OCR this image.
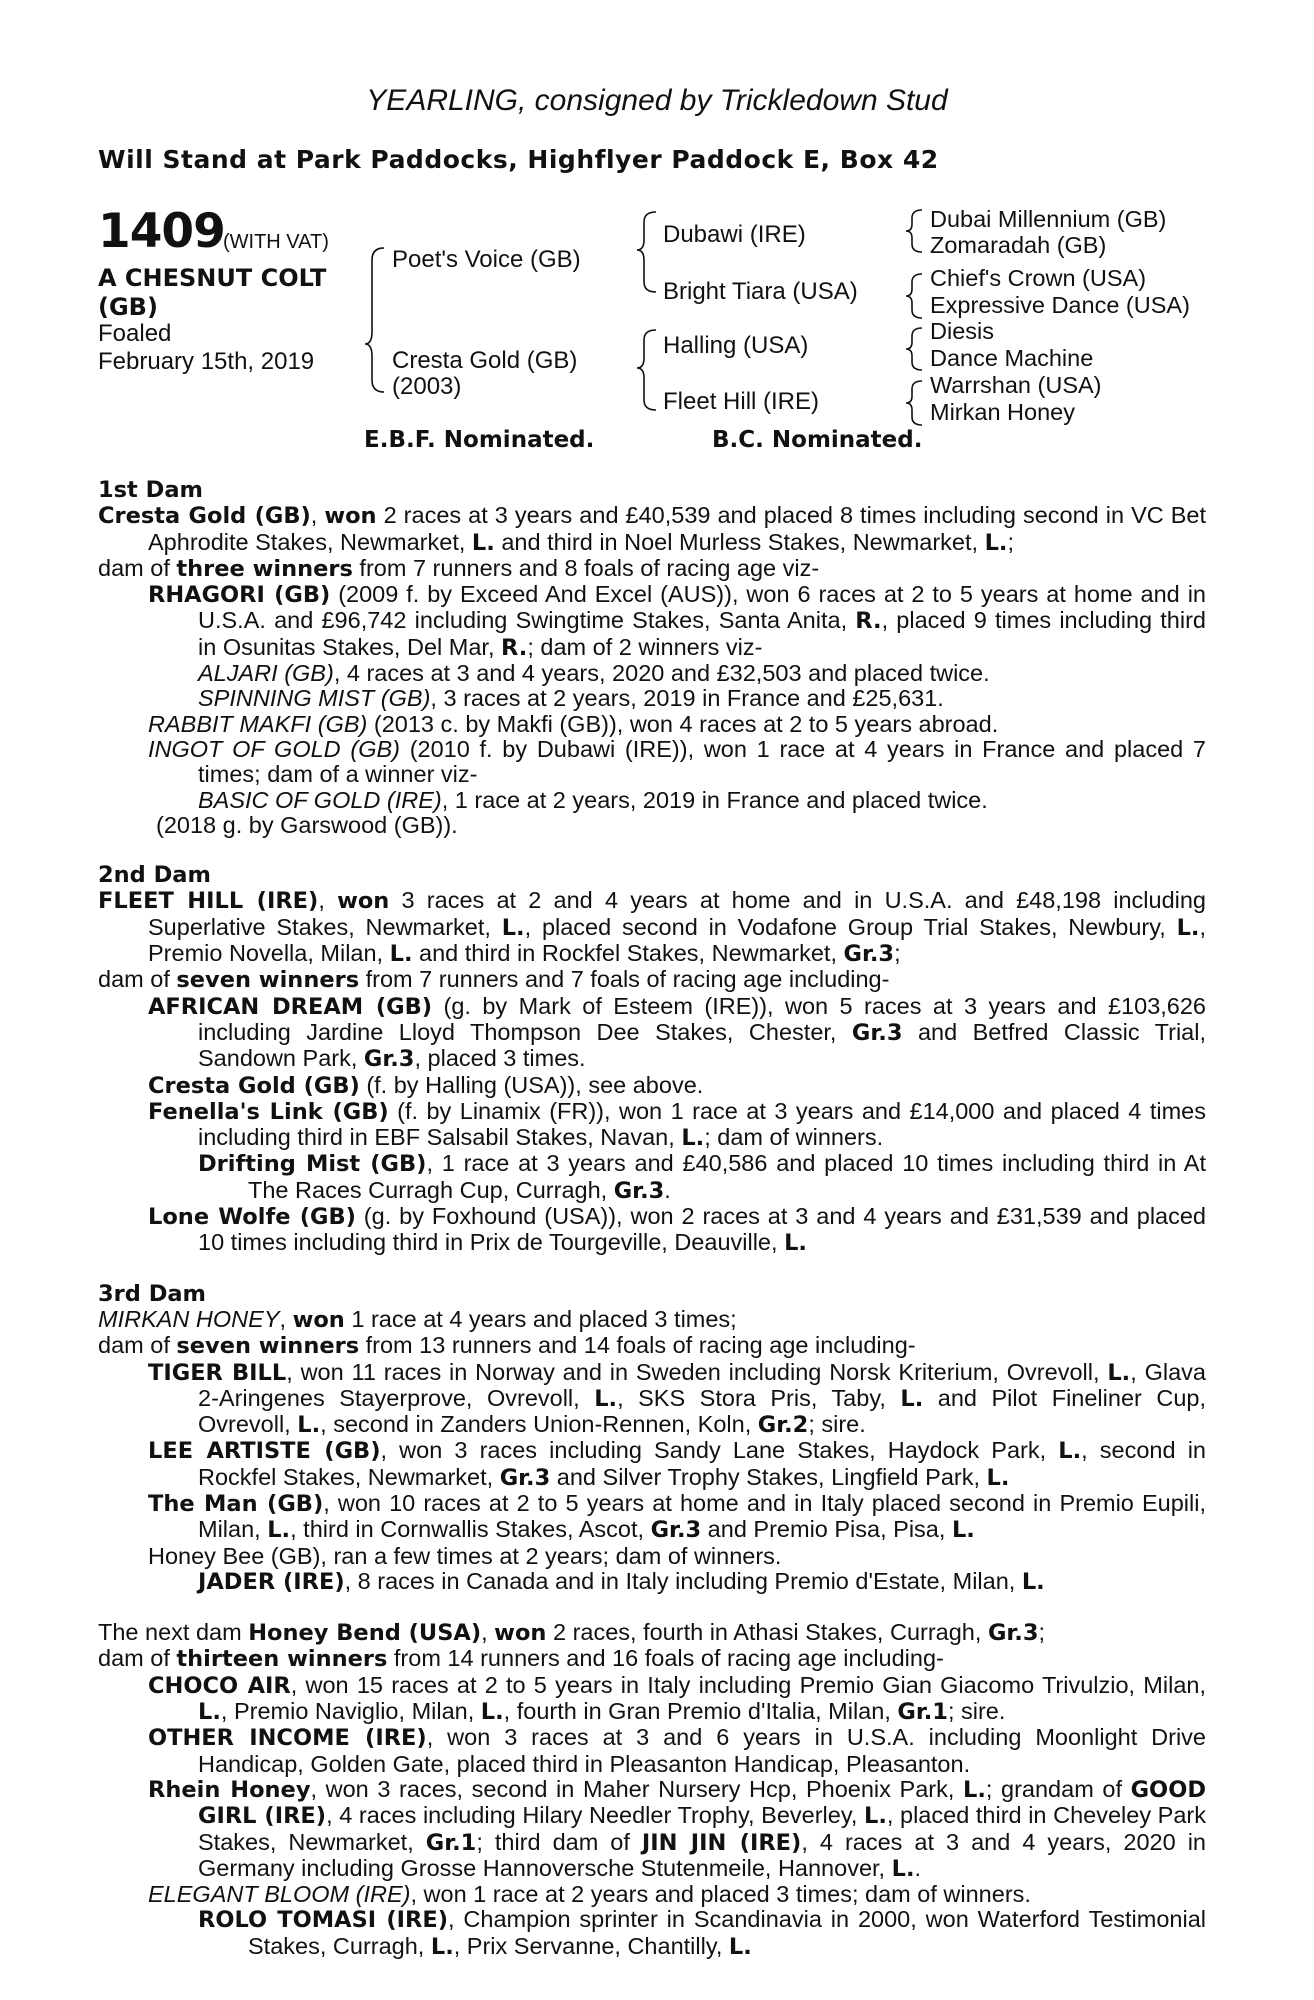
YEARLING, consigned by Trickledown Stud
Will Stand at Park Paddocks, Highflyer Paddock E, Box 42
1409
(WITH VAT)
A CHESNUT COLT (GB)
Foaled
February 15th, 2019
Poet's Voice (GB)
Cresta Gold (GB)
(2003)
Dubawi (IRE)
Bright Tiara (USA)
Halling (USA)
Fleet Hill (IRE)
Dubai Millennium (GB)
Zomaradah (GB)
Chief's Crown (USA)
Expressive Dance (USA)
Diesis
Dance Machine
Warrshan (USA)
Mirkan Honey
E.B.F. Nominated.	B.C. Nominated.
1st Dam
Cresta Gold (GB), won 2 races at 3 years and £40,539 and placed 8 times including second in VC Bet Aphrodite Stakes, Newmarket, L. and third in Noel Murless Stakes, Newmarket, L.;
dam of three winners from 7 runners and 8 foals of racing age viz-
RHAGORI (GB) (2009 f. by Exceed And Excel (AUS)), won 6 races at 2 to 5 years at home and in U.S.A. and £96,742 including Swingtime Stakes, Santa Anita, R., placed 9 times including third in Osunitas Stakes, Del Mar, R.; dam of 2 winners viz-
ALJARI (GB), 4 races at 3 and 4 years, 2020 and £32,503 and placed twice.
SPINNING MIST (GB), 3 races at 2 years, 2019 in France and £25,631.
RABBIT MAKFI (GB) (2013 c. by Makfi (GB)), won 4 races at 2 to 5 years abroad.
INGOT OF GOLD (GB) (2010 f. by Dubawi (IRE)), won 1 race at 4 years in France and placed 7 times; dam of a winner viz-
BASIC OF GOLD (IRE), 1 race at 2 years, 2019 in France and placed twice.
(2018 g. by Garswood (GB)).
2nd Dam
FLEET HILL (IRE), won 3 races at 2 and 4 years at home and in U.S.A. and £48,198 including Superlative Stakes, Newmarket, L., placed second in Vodafone Group Trial Stakes, Newbury, L., Premio Novella, Milan, L. and third in Rockfel Stakes, Newmarket, Gr.3;
dam of seven winners from 7 runners and 7 foals of racing age including-
AFRICAN DREAM (GB) (g. by Mark of Esteem (IRE)), won 5 races at 3 years and £103,626 including Jardine Lloyd Thompson Dee Stakes, Chester, Gr.3 and Betfred Classic Trial, Sandown Park, Gr.3, placed 3 times.
Cresta Gold (GB) (f. by Halling (USA)), see above.
Fenella's Link (GB) (f. by Linamix (FR)), won 1 race at 3 years and £14,000 and placed 4 times including third in EBF Salsabil Stakes, Navan, L.; dam of winners.
Drifting Mist (GB), 1 race at 3 years and £40,586 and placed 10 times including third in At The Races Curragh Cup, Curragh, Gr.3.
Lone Wolfe (GB) (g. by Foxhound (USA)), won 2 races at 3 and 4 years and £31,539 and placed 10 times including third in Prix de Tourgeville, Deauville, L.
3rd Dam
MIRKAN HONEY, won 1 race at 4 years and placed 3 times;
dam of seven winners from 13 runners and 14 foals of racing age including-
TIGER BILL, won 11 races in Norway and in Sweden including Norsk Kriterium, Ovrevoll, L., Glava 2-Aringenes Stayerprove, Ovrevoll, L., SKS Stora Pris, Taby, L. and Pilot Fineliner Cup, Ovrevoll, L., second in Zanders Union-Rennen, Koln, Gr.2; sire.
LEE ARTISTE (GB), won 3 races including Sandy Lane Stakes, Haydock Park, L., second in Rockfel Stakes, Newmarket, Gr.3 and Silver Trophy Stakes, Lingfield Park, L.
The Man (GB), won 10 races at 2 to 5 years at home and in Italy placed second in Premio Eupili, Milan, L., third in Cornwallis Stakes, Ascot, Gr.3 and Premio Pisa, Pisa, L.
Honey Bee (GB), ran a few times at 2 years; dam of winners.
JADER (IRE), 8 races in Canada and in Italy including Premio d'Estate, Milan, L.
The next dam Honey Bend (USA), won 2 races, fourth in Athasi Stakes, Curragh, Gr.3;
dam of thirteen winners from 14 runners and 16 foals of racing age including-
CHOCO AIR, won 15 races at 2 to 5 years in Italy including Premio Gian Giacomo Trivulzio, Milan, L., Premio Naviglio, Milan, L., fourth in Gran Premio d'Italia, Milan, Gr.1; sire.
OTHER INCOME (IRE), won 3 races at 3 and 6 years in U.S.A. including Moonlight Drive Handicap, Golden Gate, placed third in Pleasanton Handicap, Pleasanton.
Rhein Honey, won 3 races, second in Maher Nursery Hcp, Phoenix Park, L.; grandam of GOOD GIRL (IRE), 4 races including Hilary Needler Trophy, Beverley, L., placed third in Cheveley Park Stakes, Newmarket, Gr.1; third dam of JIN JIN (IRE), 4 races at 3 and 4 years, 2020 in Germany including Grosse Hannoversche Stutenmeile, Hannover, L..
ELEGANT BLOOM (IRE), won 1 race at 2 years and placed 3 times; dam of winners.
ROLO TOMASI (IRE), Champion sprinter in Scandinavia in 2000, won Waterford Testimonial Stakes, Curragh, L., Prix Servanne, Chantilly, L.
